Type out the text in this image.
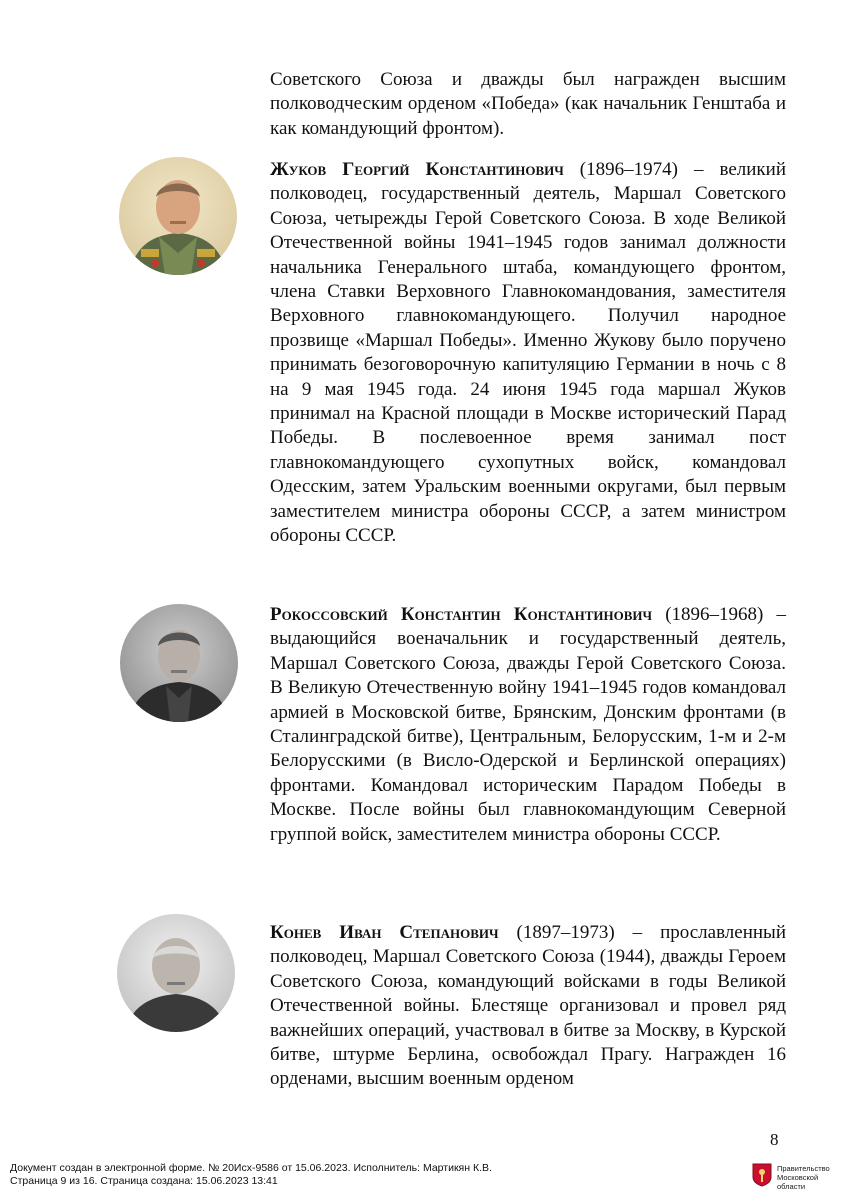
Советского Союза и дважды был награжден высшим полководческим орденом «Победа» (как начальник Генштаба и как командующий фронтом).
Жуков Георгий Константинович (1896–1974) – великий полководец, государственный деятель, Маршал Советского Союза, четырежды Герой Советского Союза. В ходе Великой Отечественной войны 1941–1945 годов занимал должности начальника Генерального штаба, командующего фронтом, члена Ставки Верховного Главнокомандования, заместителя Верховного главнокомандующего. Получил народное прозвище «Маршал Победы». Именно Жукову было поручено принимать безоговорочную капитуляцию Германии в ночь с 8 на 9 мая 1945 года. 24 июня 1945 года маршал Жуков принимал на Красной площади в Москве исторический Парад Победы. В послевоенное время занимал пост главнокомандующего сухопутных войск, командовал Одесским, затем Уральским военными округами, был первым заместителем министра обороны СССР, а затем министром обороны СССР.
Рокоссовский Константин Константинович (1896–1968) – выдающийся военачальник и государственный деятель, Маршал Советского Союза, дважды Герой Советского Союза. В Великую Отечественную войну 1941–1945 годов командовал армией в Московской битве, Брянским, Донским фронтами (в Сталинградской битве), Центральным, Белорусским, 1-м и 2-м Белорусскими (в Висло-Одерской и Берлинской операциях) фронтами. Командовал историческим Парадом Победы в Москве. После войны был главнокомандующим Северной группой войск, заместителем министра обороны СССР.
Конев Иван Степанович (1897–1973) – прославленный полководец, Маршал Советского Союза (1944), дважды Героем Советского Союза, командующий войсками в годы Великой Отечественной войны. Блестяще организовал и провел ряд важнейших операций, участвовал в битве за Москву, в Курской битве, штурме Берлина, освобождал Прагу. Награжден 16 орденами, высшим военным орденом
8
Документ создан в электронной форме. № 20Исх-9586 от 15.06.2023. Исполнитель: Мартикян К.В.
Страница 9 из 16. Страница создана: 15.06.2023 13:41
Правительство
Московской области
